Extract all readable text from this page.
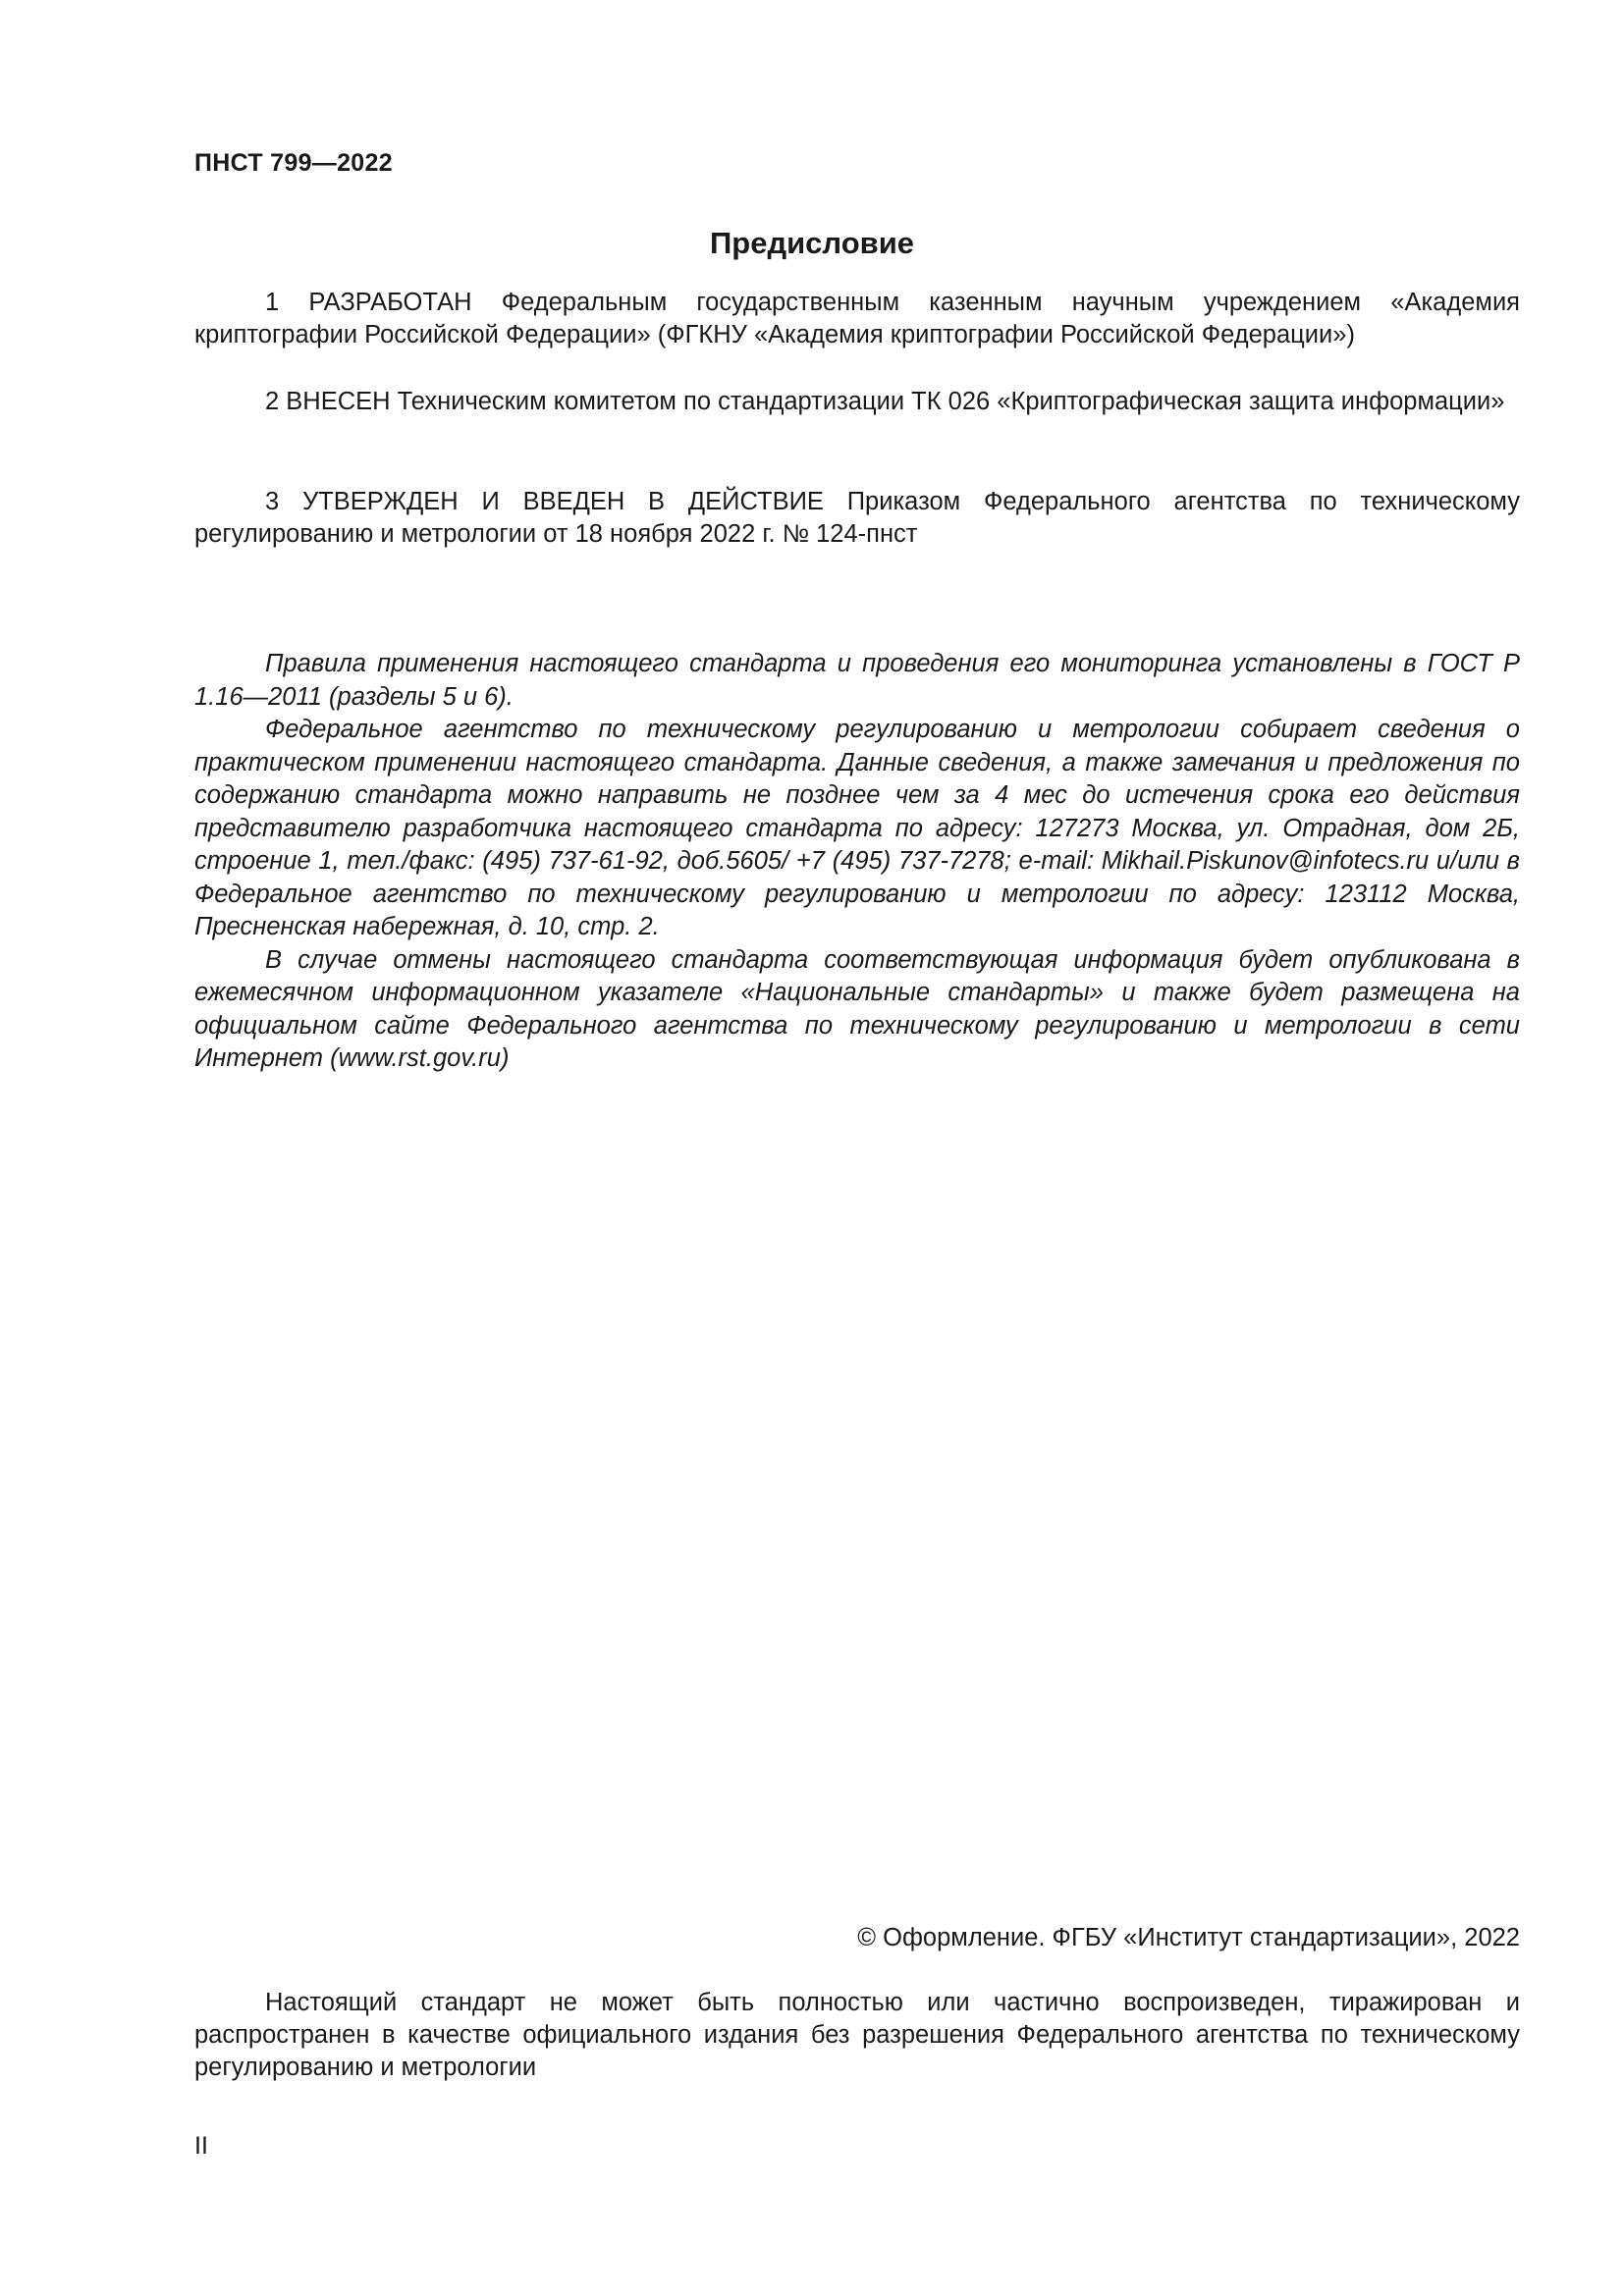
ПНСТ 799—2022
Предисловие

1 РАЗРАБОТАН Федеральным государственным казенным научным учреждением «Академия криптографии Российской Федерации» (ФГКНУ «Академия криптографии Российской Федерации»)

2 ВНЕСЕН Техническим комитетом по стандартизации ТК 026 «Криптографическая защита информации»

3 УТВЕРЖДЕН И ВВЕДЕН В ДЕЙСТВИЕ Приказом Федерального агентства по техническому регулированию и метрологии от 18 ноября 2022 г. № 124-пнст

Правила применения настоящего стандарта и проведения его мониторинга установлены в ГОСТ Р 1.16—2011 (разделы 5 и 6).

Федеральное агентство по техническому регулированию и метрологии собирает сведения о практическом применении настоящего стандарта. Данные сведения, а также замечания и предложения по содержанию стандарта можно направить не позднее чем за 4 мес до истечения срока его действия представителю разработчика настоящего стандарта по адресу: 127273 Москва, ул. Отрадная, дом 2Б, строение 1, тел./факс: (495) 737-61-92, доб.5605/ +7 (495) 737-7278; e-mail: Mikhail.Piskunov@infotecs.ru и/или в Федеральное агентство по техническому регулированию и метрологии по адресу: 123112 Москва, Пресненская набережная, д. 10, стр. 2.

В случае отмены настоящего стандарта соответствующая информация будет опубликована в ежемесячном информационном указателе «Национальные стандарты» и также будет размещена на официальном сайте Федерального агентства по техническому регулированию и метрологии в сети Интернет (www.rst.gov.ru)

© Оформление. ФГБУ «Институт стандартизации», 2022

Настоящий стандарт не может быть полностью или частично воспроизведен, тиражирован и распространен в качестве официального издания без разрешения Федерального агентства по техническому регулированию и метрологии

II
